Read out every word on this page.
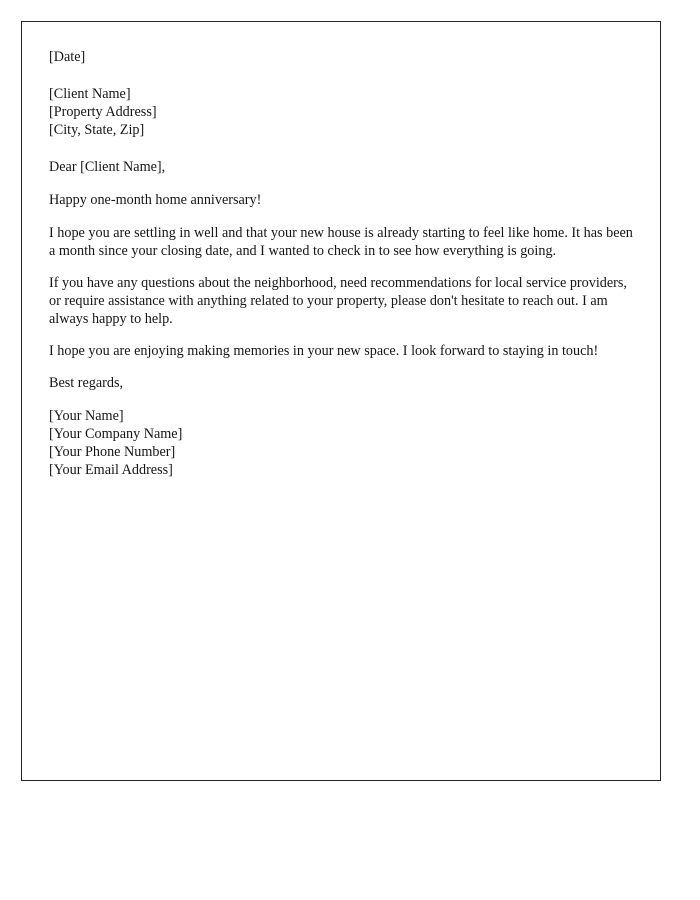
[Date]

[Client Name]
[Property Address]
[City, State, Zip]

Dear [Client Name],

Happy one-month home anniversary!

I hope you are settling in well and that your new house is already starting to feel like home. It has been a month since your closing date, and I wanted to check in to see how everything is going.

If you have any questions about the neighborhood, need recommendations for local service providers, or require assistance with anything related to your property, please don't hesitate to reach out. I am always happy to help.

I hope you are enjoying making memories in your new space. I look forward to staying in touch!

Best regards,

[Your Name]
[Your Company Name]
[Your Phone Number]
[Your Email Address]
